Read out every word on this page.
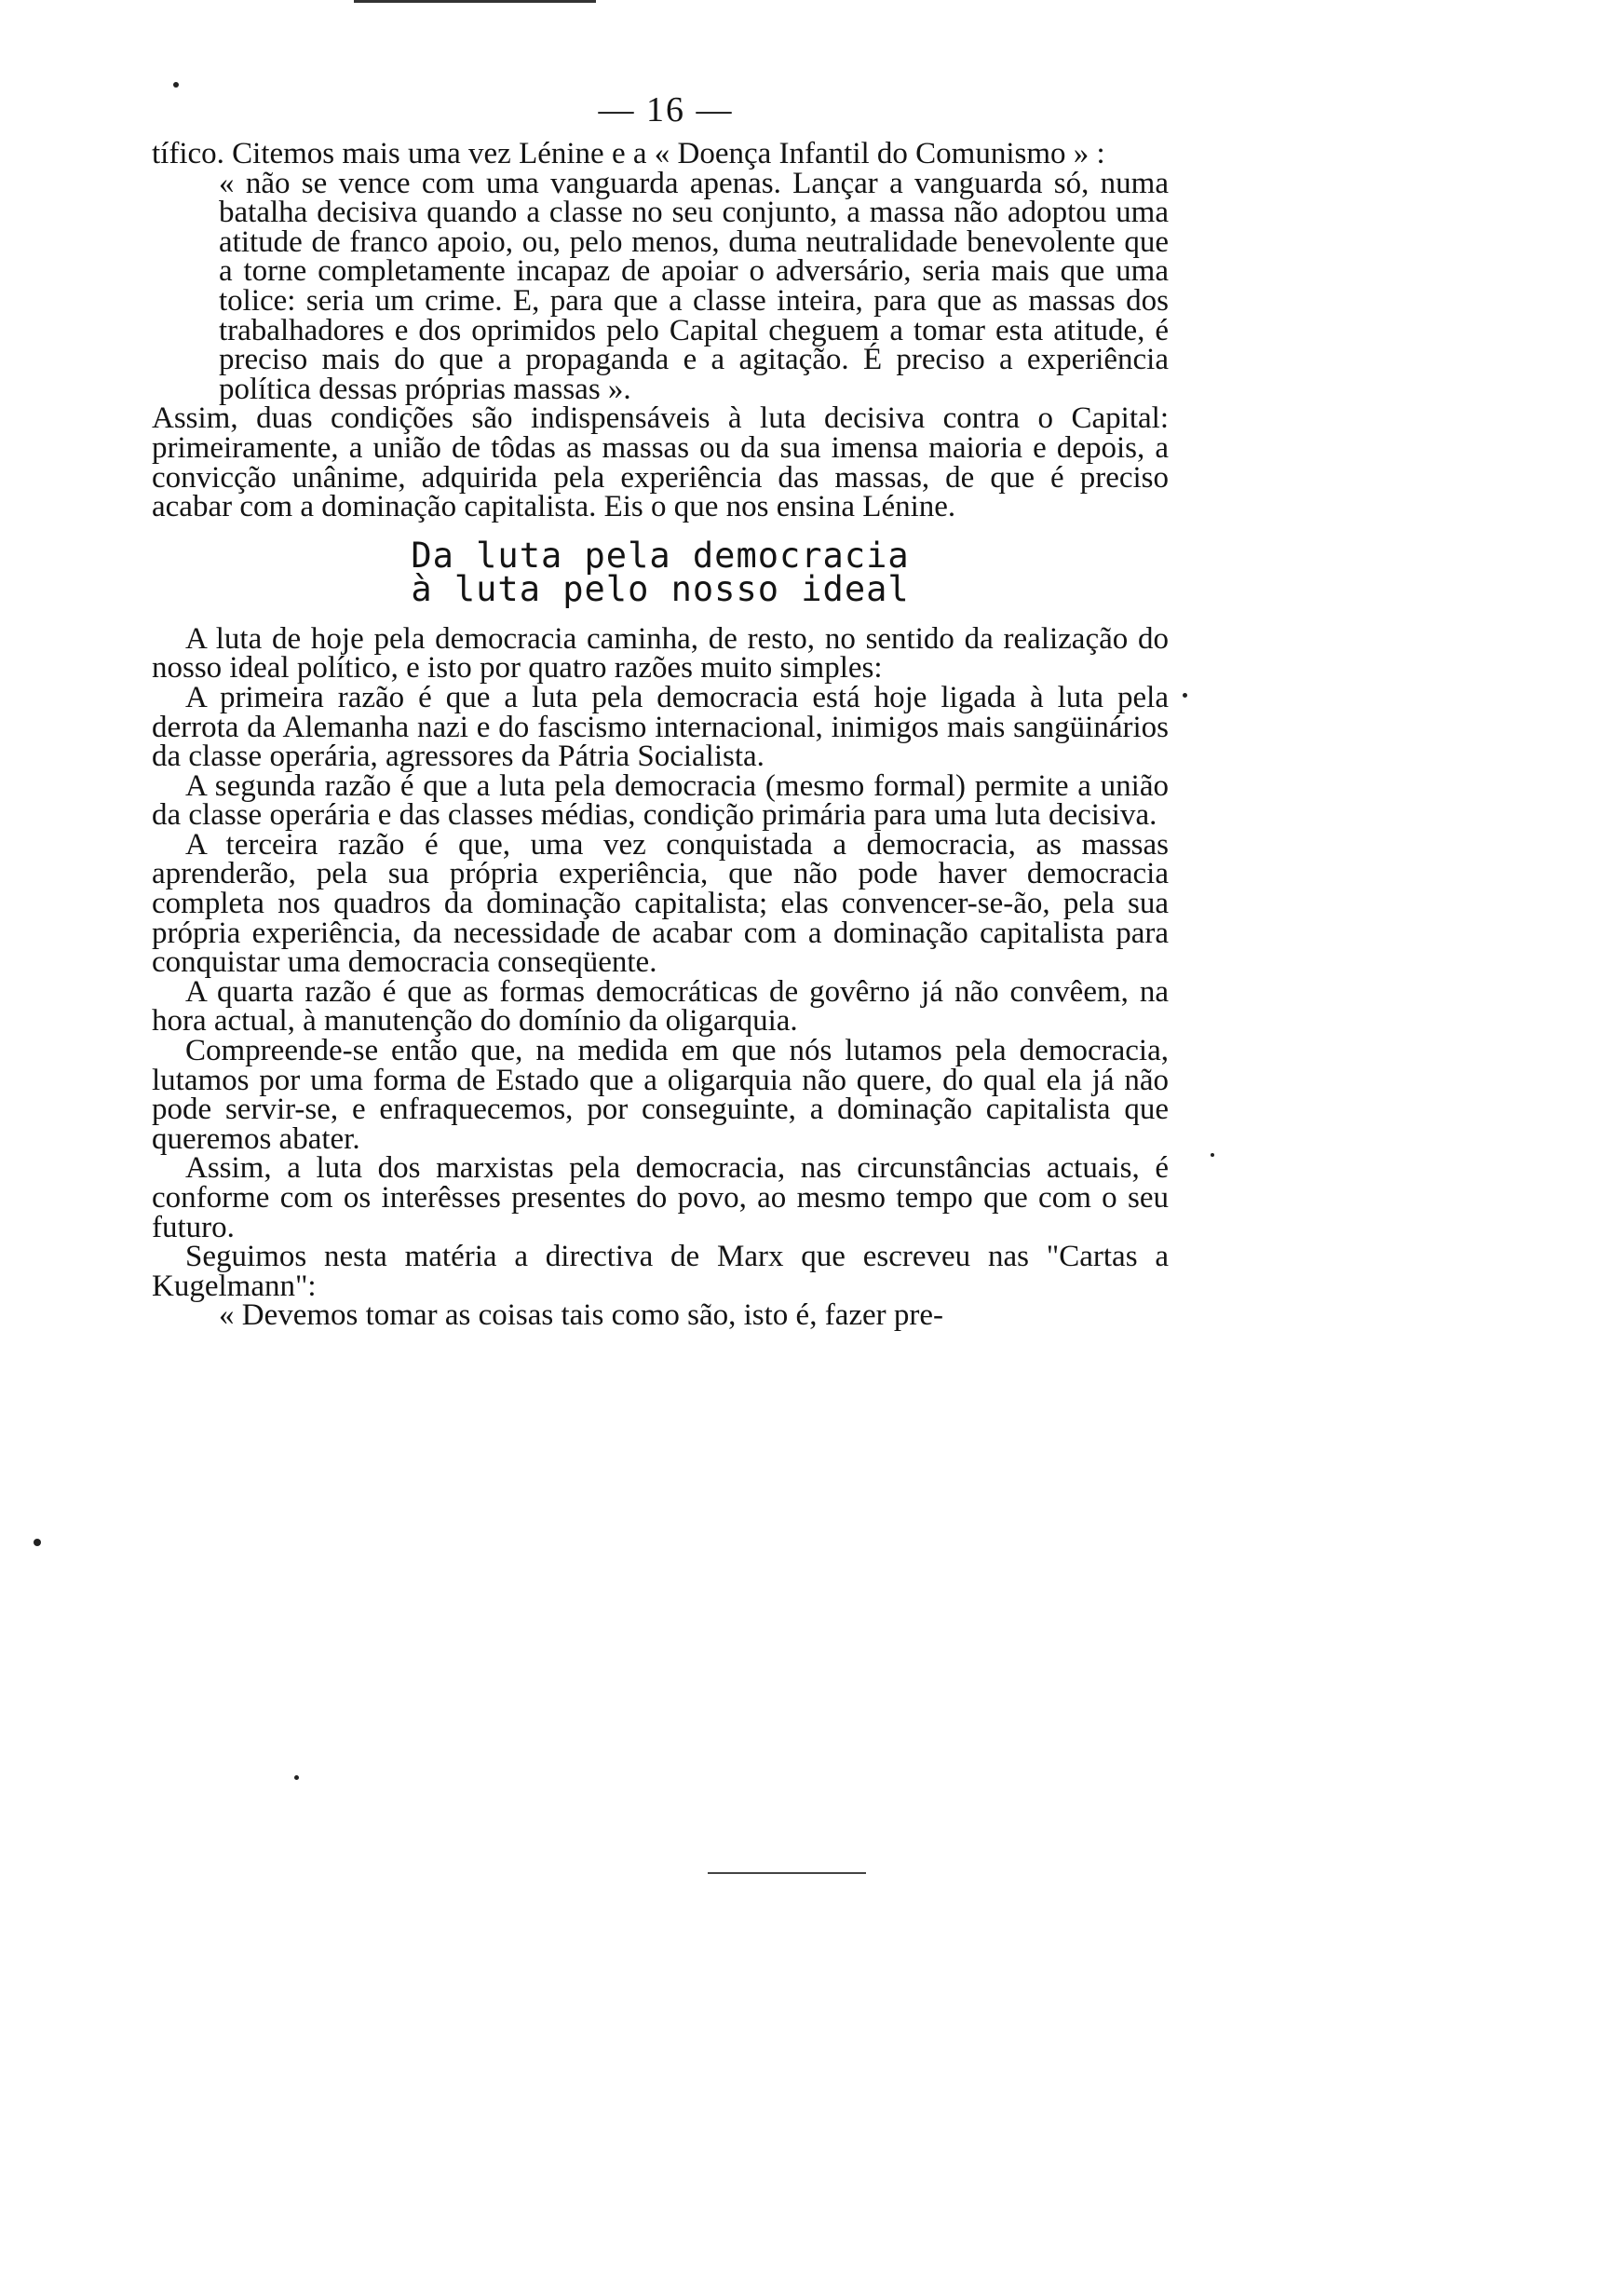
— 16 —

tífico. Citemos mais uma vez Lénine e a « Doença Infantil do Comunismo » :

« não se vence com uma vanguarda apenas. Lançar a vanguarda só, numa batalha decisiva quando a classe no seu conjunto, a massa não adoptou uma atitude de franco apoio, ou, pelo menos, duma neutralidade benevolente que a torne completamente incapaz de apoiar o adversário, seria mais que uma tolice: seria um crime. E, para que a classe inteira, para que as massas dos trabalhadores e dos oprimidos pelo Capital cheguem a tomar esta atitude, é preciso mais do que a propaganda e a agitação. É preciso a experiência política dessas próprias massas ».

Assim, duas condições são indispensáveis à luta decisiva contra o Capital: primeiramente, a união de tôdas as massas ou da sua imensa maioria e depois, a convicção unânime, adquirida pela experiência das massas, de que é preciso acabar com a dominação capitalista. Eis o que nos ensina Lénine.

Da luta pela democracia
à luta pelo nosso ideal

A luta de hoje pela democracia caminha, de resto, no sentido da realização do nosso ideal político, e isto por quatro razões muito simples:

A primeira razão é que a luta pela democracia está hoje ligada à luta pela derrota da Alemanha nazi e do fascismo internacional, inimigos mais sangüinários da classe operária, agressores da Pátria Socialista.

A segunda razão é que a luta pela democracia (mesmo formal) permite a união da classe operária e das classes médias, condição primária para uma luta decisiva.

A terceira razão é que, uma vez conquistada a democracia, as massas aprenderão, pela sua própria experiência, que não pode haver democracia completa nos quadros da dominação capitalista; elas convencer-se-ão, pela sua própria experiência, da necessidade de acabar com a dominação capitalista para conquistar uma democracia conseqüente.

A quarta razão é que as formas democráticas de govêrno já não convêem, na hora actual, à manutenção do domínio da oligarquia.

Compreende-se então que, na medida em que nós lutamos pela democracia, lutamos por uma forma de Estado que a oligarquia não quere, do qual ela já não pode servir-se, e enfraquecemos, por conseguinte, a dominação capitalista que queremos abater.

Assim, a luta dos marxistas pela democracia, nas circunstâncias actuais, é conforme com os interêsses presentes do povo, ao mesmo tempo que com o seu futuro.

Seguimos nesta matéria a directiva de Marx que escreveu nas "Cartas a Kugelmann":

« Devemos tomar as coisas tais como são, isto é, fazer pre-
